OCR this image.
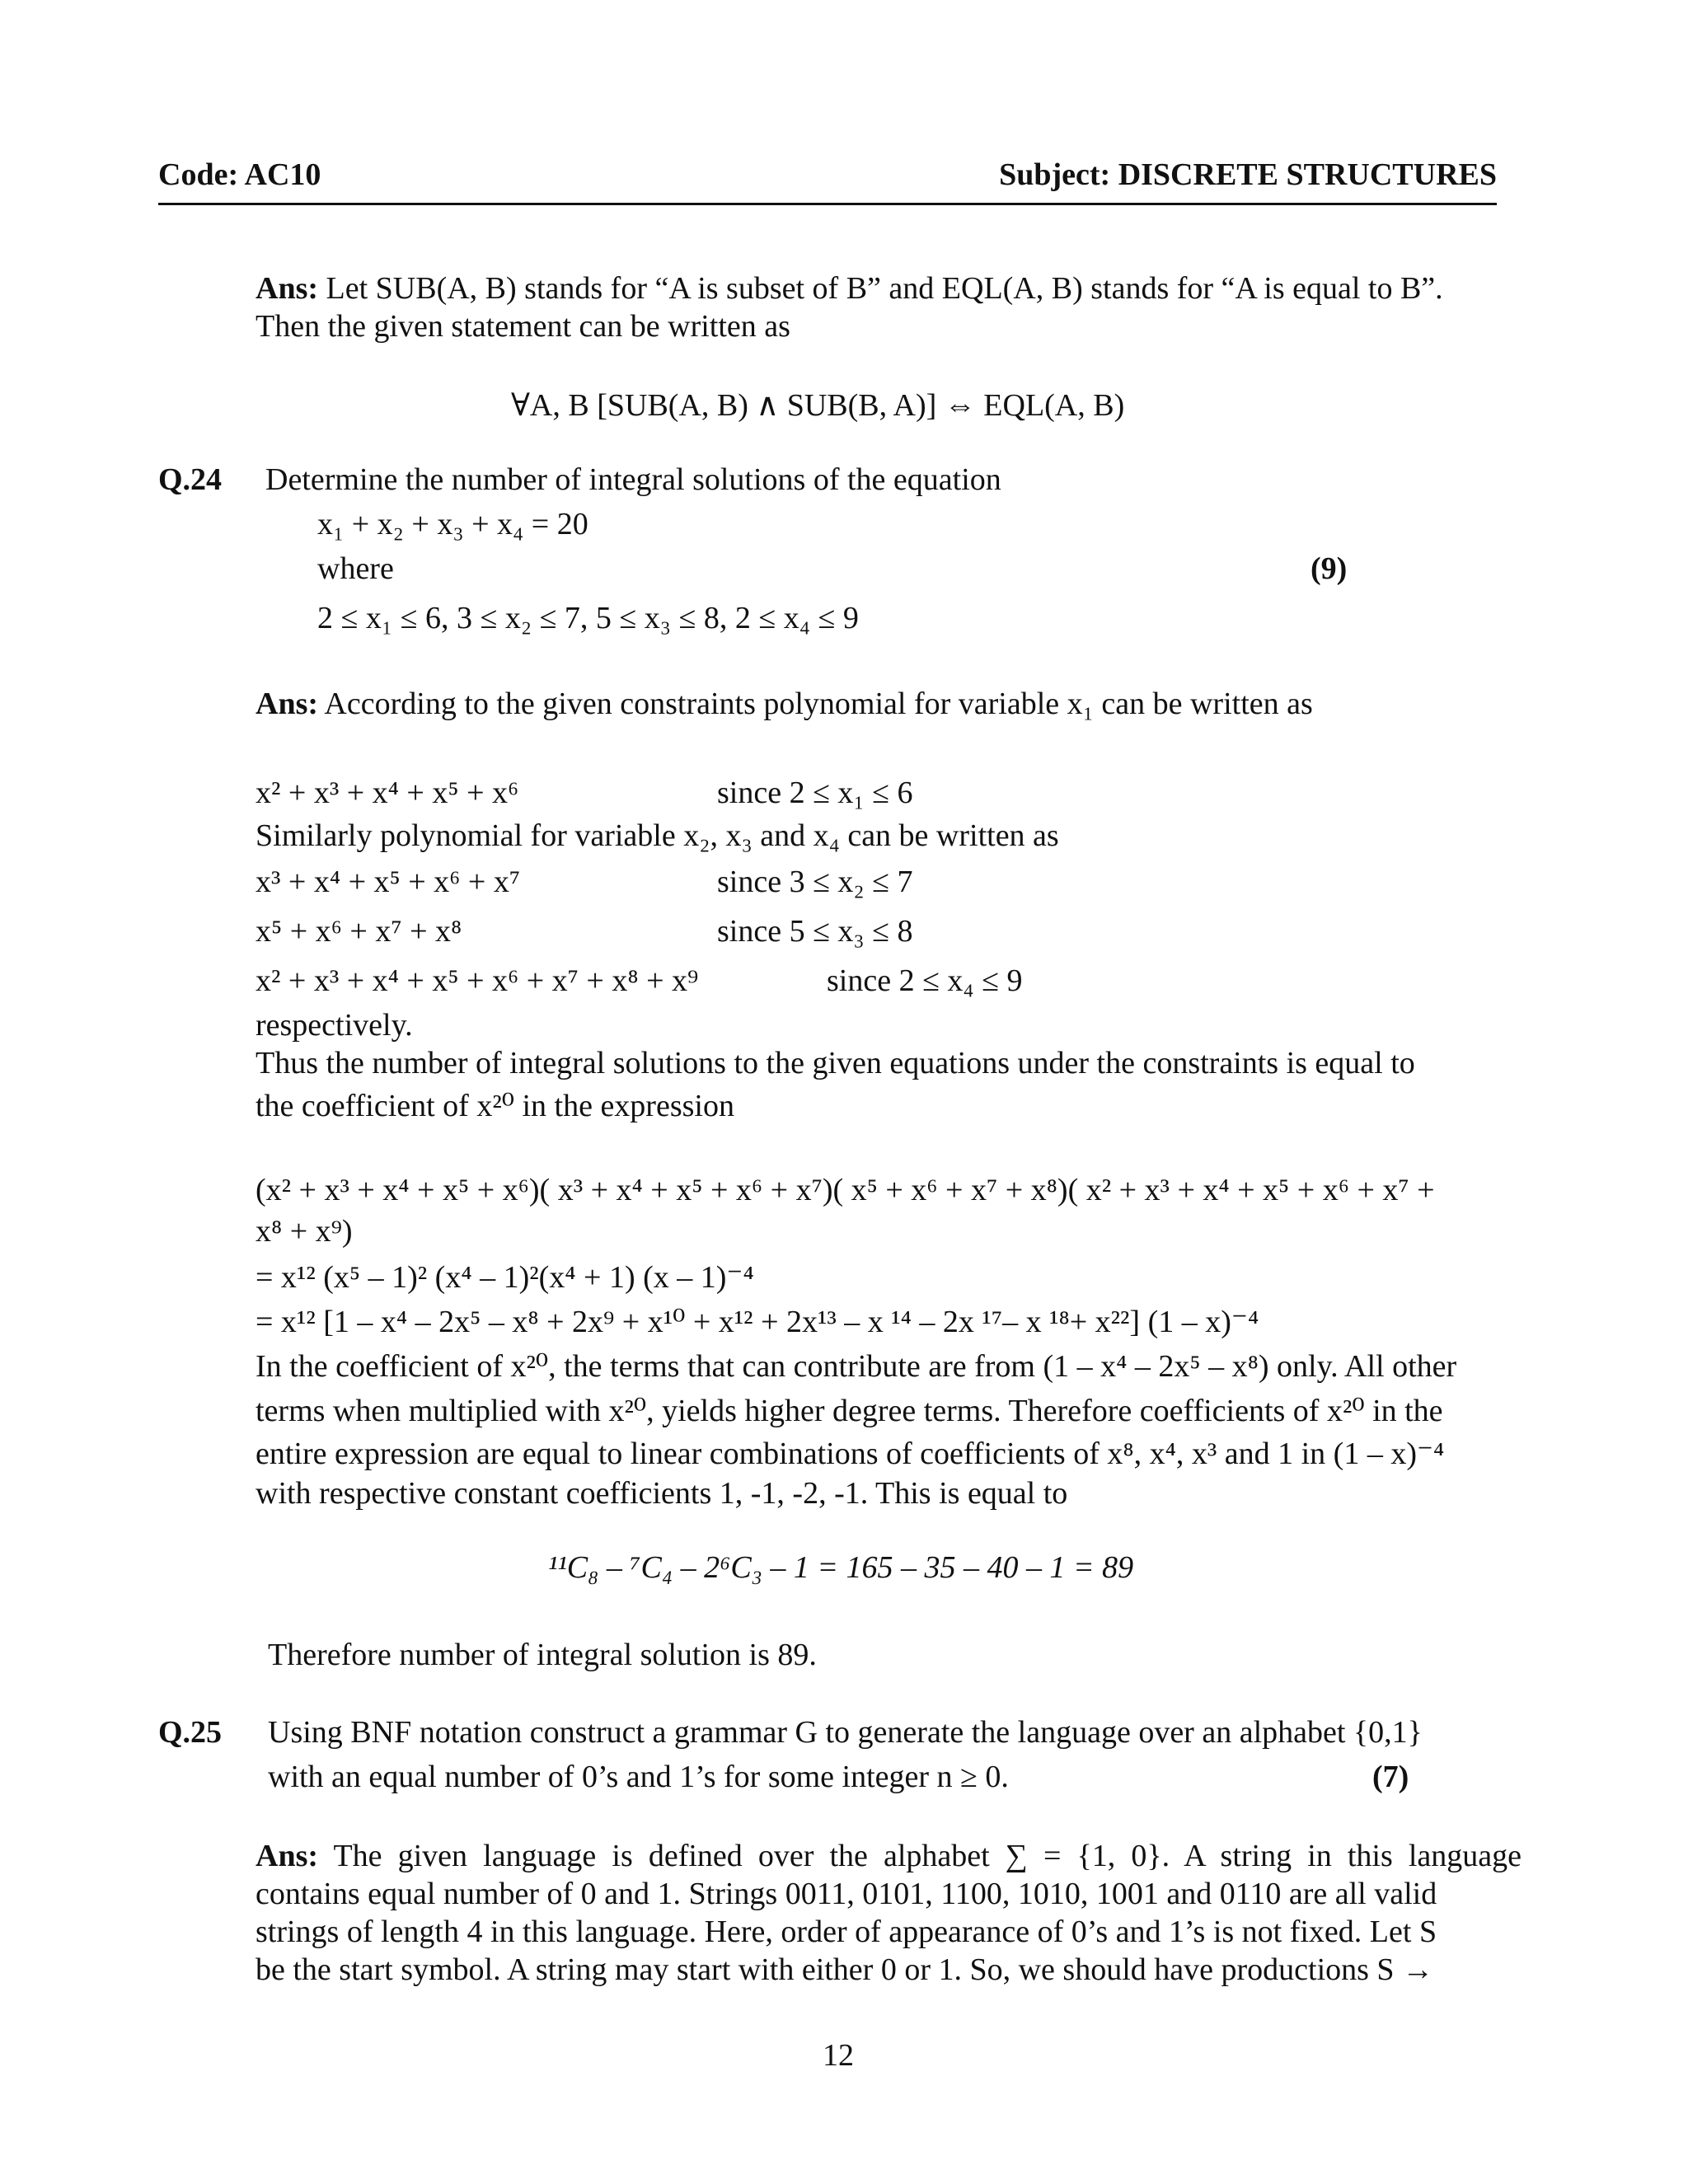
Code: AC10	Subject: DISCRETE STRUCTURES
Ans: Let SUB(A, B) stands for “A is subset of B” and EQL(A, B) stands for “A is equal to B”.
Then the given statement can be written as
∀A, B [SUB(A, B) ∧ SUB(B, A)] ⇔ EQL(A, B)
Q.24 Determine the number of integral solutions of the equation
x₁ + x₂ + x₃ + x₄ = 20
where	(9)
2 ≤ x₁ ≤ 6, 3 ≤ x₂ ≤ 7, 5 ≤ x₃ ≤ 8, 2 ≤ x₄ ≤ 9
Ans: According to the given constraints polynomial for variable x₁ can be written as
x² + x³ + x⁴ + x⁵ + x⁶	since 2 ≤ x₁ ≤ 6
Similarly polynomial for variable x₂, x₃ and x₄ can be written as
x³ + x⁴ + x⁵ + x⁶ + x⁷	since 3 ≤ x₂ ≤ 7
x⁵ + x⁶ + x⁷ + x⁸	since 5 ≤ x₃ ≤ 8
x² + x³ + x⁴ + x⁵ + x⁶ + x⁷ + x⁸ + x⁹	since 2 ≤ x₄ ≤ 9
respectively.
Thus the number of integral solutions to the given equations under the constraints is equal to
the coefficient of x²⁰ in the expression
(x² + x³ + x⁴ + x⁵ + x⁶)( x³ + x⁴ + x⁵ + x⁶ + x⁷)( x⁵ + x⁶ + x⁷ + x⁸)( x² + x³ + x⁴ + x⁵ + x⁶ + x⁷ +
x⁸ + x⁹)
= x¹² (x⁵ – 1)² (x⁴ – 1)²(x⁴ + 1) (x – 1)⁻⁴
= x¹² [1 – x⁴ – 2x⁵ – x⁸ + 2x⁹ + x¹⁰ + x¹² + 2x¹³ – x ¹⁴ – 2x ¹⁷– x ¹⁸+ x²²] (1 – x)⁻⁴
In the coefficient of x²⁰, the terms that can contribute are from (1 – x⁴ – 2x⁵ – x⁸) only. All other
terms when multiplied with x²⁰, yields higher degree terms. Therefore coefficients of x²⁰ in the
entire expression are equal to linear combinations of coefficients of x⁸, x⁴, x³ and 1 in (1 – x)⁻⁴
with respective constant coefficients 1, -1, -2, -1. This is equal to
¹¹C₈ – ⁷C₄ – 2⁶C₃ – 1 = 165 – 35 – 40 – 1 = 89
Therefore number of integral solution is 89.
Q.25 Using BNF notation construct a grammar G to generate the language over an alphabet {0,1}
with an equal number of 0’s and 1’s for some integer n ≥ 0.	(7)
Ans: The given language is defined over the alphabet ∑ = {1, 0}. A string in this language
contains equal number of 0 and 1. Strings 0011, 0101, 1100, 1010, 1001 and 0110 are all valid
strings of length 4 in this language. Here, order of appearance of 0’s and 1’s is not fixed. Let S
be the start symbol. A string may start with either 0 or 1. So, we should have productions S →
12
